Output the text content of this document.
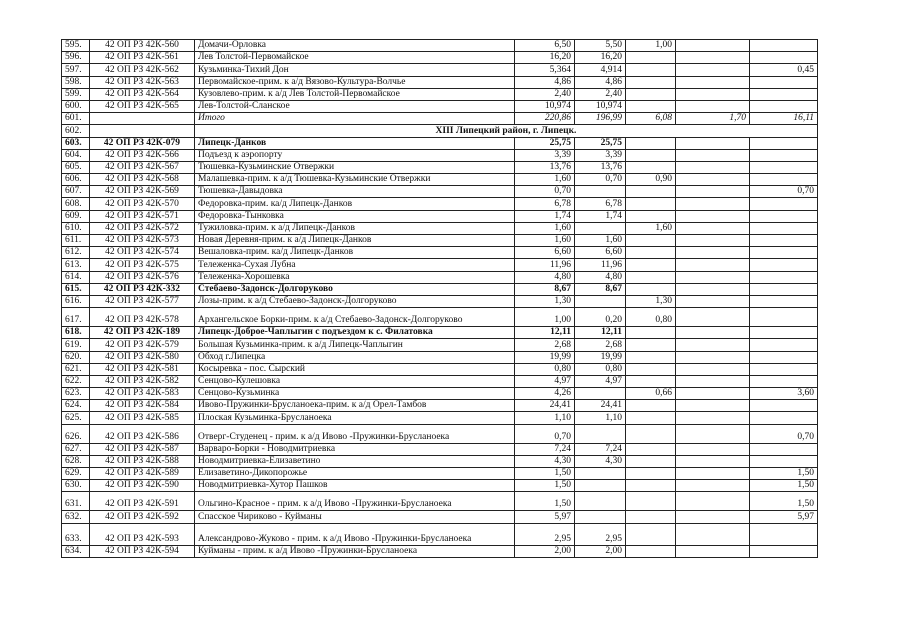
595.	42 ОП РЗ 42К-560	Домачи-Орловка	6,50	5,50	1,00		
596.	42 ОП РЗ 42К-561	Лев Толстой-Первомайское	16,20	16,20			
597.	42 ОП РЗ 42К-562	Кузьминка-Тихий Дон	5,364	4,914			0,45
598.	42 ОП РЗ 42К-563	Первомайское-прим. к а/д Вязово-Культура-Волчье	4,86	4,86			
599.	42 ОП РЗ 42К-564	Кузовлево-прим. к а/д Лев Толстой-Первомайское	2,40	2,40			
600.	42 ОП РЗ 42К-565	Лев-Толстой-Сланское	10,974	10,974			
601.		Итого	220,86	196,99	6,08	1,70	16,11
602.		XIII Липецкий район, г. Липецк.					
603.	42 ОП РЗ 42К-079	Липецк-Данков	25,75	25,75			
604.	42 ОП РЗ 42К-566	Подъезд к аэропорту	3,39	3,39			
605.	42 ОП РЗ 42К-567	Тюшевка-Кузьминские Отвержки	13,76	13,76			
606.	42 ОП РЗ 42К-568	Малашевка-прим. к а/д Тюшевка-Кузьминские Отвержки	1,60	0,70	0,90		
607.	42 ОП РЗ 42К-569	Тюшевка-Давыдовка	0,70				0,70
608.	42 ОП РЗ 42К-570	Федоровка-прим. ка/д Липецк-Данков	6,78	6,78			
609.	42 ОП РЗ 42К-571	Федоровка-Тынковка	1,74	1,74			
610.	42 ОП РЗ 42К-572	Тужиловка-прим. к а/д Липецк-Данков	1,60		1,60		
611.	42 ОП РЗ 42К-573	Новая Деревня-прим. к а/д Липецк-Данков	1,60	1,60			
612.	42 ОП РЗ 42К-574	Вешаловка-прим. ка/д Липецк-Данков	6,60	6,60			
613.	42 ОП РЗ 42К-575	Тележенка-Сухая Лубна	11,96	11,96			
614.	42 ОП РЗ 42К-576	Тележенка-Хорошевка	4,80	4,80			
615.	42 ОП РЗ 42К-332	Стебаево-Задонск-Долгоруково	8,67	8,67			
616.	42 ОП РЗ 42К-577	Лозы-прим. к а/д Стебаево-Задонск-Долгоруково	1,30		1,30		
617.	42 ОП РЗ 42К-578	Архангельское Борки-прим. к а/д Стебаево-Задонск-Долгоруково	1,00	0,20	0,80		
618.	42 ОП РЗ 42К-189	Липецк-Доброе-Чаплыгин с подъездом к с. Филатовка	12,11	12,11			
619.	42 ОП РЗ 42К-579	Большая Кузьминка-прим. к а/д Липецк-Чаплыгин	2,68	2,68			
620.	42 ОП РЗ 42К-580	Обход г.Липецка	19,99	19,99			
621.	42 ОП РЗ 42К-581	Косыревка - пос. Сырский	0,80	0,80			
622.	42 ОП РЗ 42К-582	Сенцово-Кулешовка	4,97	4,97			
623.	42 ОП РЗ 42К-583	Сенцово-Кузьминка	4,26		0,66		3,60
624.	42 ОП РЗ 42К-584	Ивово-Пружинки-Брусланоека-прим. к а/д Орел-Тамбов	24,41	24,41			
625.	42 ОП РЗ 42К-585	Плоская Кузьминка-Брусланоека	1,10	1,10			
626.	42 ОП РЗ 42К-586	Отверг-Студенец - прим. к а/д Ивово -Пружинки-Брусланоека	0,70				0,70
627.	42 ОП РЗ 42К-587	Варваро-Борки - Новодмитриевка	7,24	7,24			
628.	42 ОП РЗ 42К-588	Новодмитриевка-Елизаветино	4,30	4,30			
629.	42 ОП РЗ 42К-589	Елизаветино-Дикопорожье	1,50				1,50
630.	42 ОП РЗ 42К-590	Новодмитриевка-Хутор Пашков	1,50				1,50
631.	42 ОП РЗ 42К-591	Ольгино-Красное - прим. к а/д Ивово -Пружинки-Брусланоека	1,50				1,50
632.	42 ОП РЗ 42К-592	Спасское Чириково - Куйманы	5,97				5,97
633.	42 ОП РЗ 42К-593	Александрово-Жуково - прим. к а/д Ивово -Пружинки-Брусланоека	2,95	2,95			
634.	42 ОП РЗ 42К-594	Куйманы - прим. к а/д Ивово -Пружинки-Брусланоека	2,00	2,00			
